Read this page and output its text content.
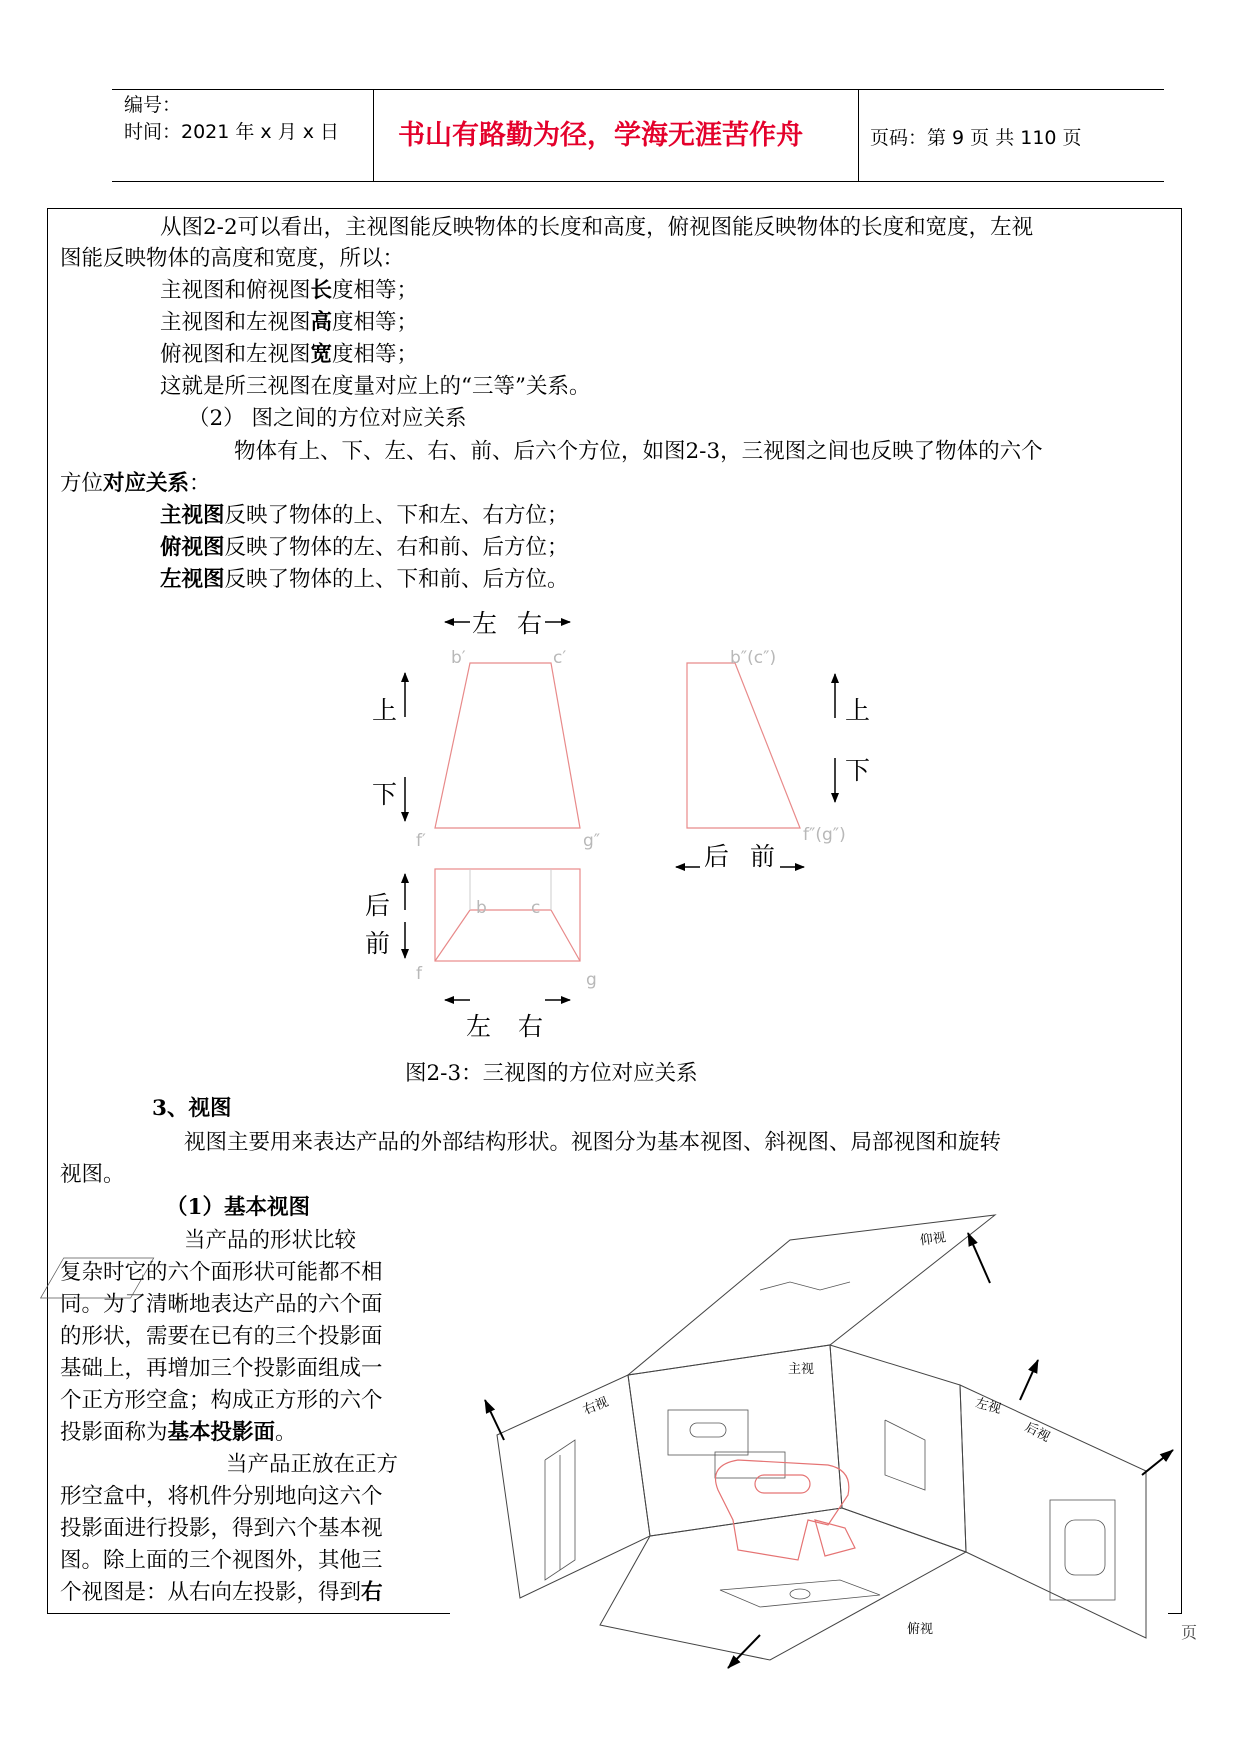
编号：
时间：2021 年 x 月 x 日 书山有路勤为径，学海无涯苦作舟	页码：第 9 页 共 110 页
从图2-2可以看出，主视图能反映物体的长度和高度，俯视图能反映物体的长度和宽度，左视
图能反映物体的高度和宽度，所以：
主视图和俯视图长度相等；
主视图和左视图高度相等；
俯视图和左视图宽度相等；
这就是所三视图在度量对应上的“三等”关系。
（2） 图之间的方位对应关系
物体有上、下、左、右、前、后六个方位，如图2-3，三视图之间也反映了物体的六个
方位对应关系：
主视图反映了物体的上、下和左、右方位；
俯视图反映了物体的左、右和前、后方位；
左视图反映了物体的上、下和前、后方位。
左 右
上
下
上
下
后 前
后
前
左 右
b′	c′
f′	g″
b″(c″)
f″(g″)
b	c
f	g
图2-3：三视图的方位对应关系
3、视图
视图主要用来表达产品的外部结构形状。视图分为基本视图、斜视图、局部视图和旋转
视图。
（1）基本视图
当产品的形状比较
复杂时它的六个面形状可能都不相
同。为了清晰地表达产品的六个面
的形状，需要在已有的三个投影面
基础上，再增加三个投影面组成一
个正方形空盒；构成正方形的六个
投影面称为基本投影面。
当产品正放在正方
形空盒中，将机件分别地向这六个
投影面进行投影，得到六个基本视
图。除上面的三个视图外，其他三
个视图是：从右向左投影，得到右
仰视
主视
右视	左视
后视
俯视	页
